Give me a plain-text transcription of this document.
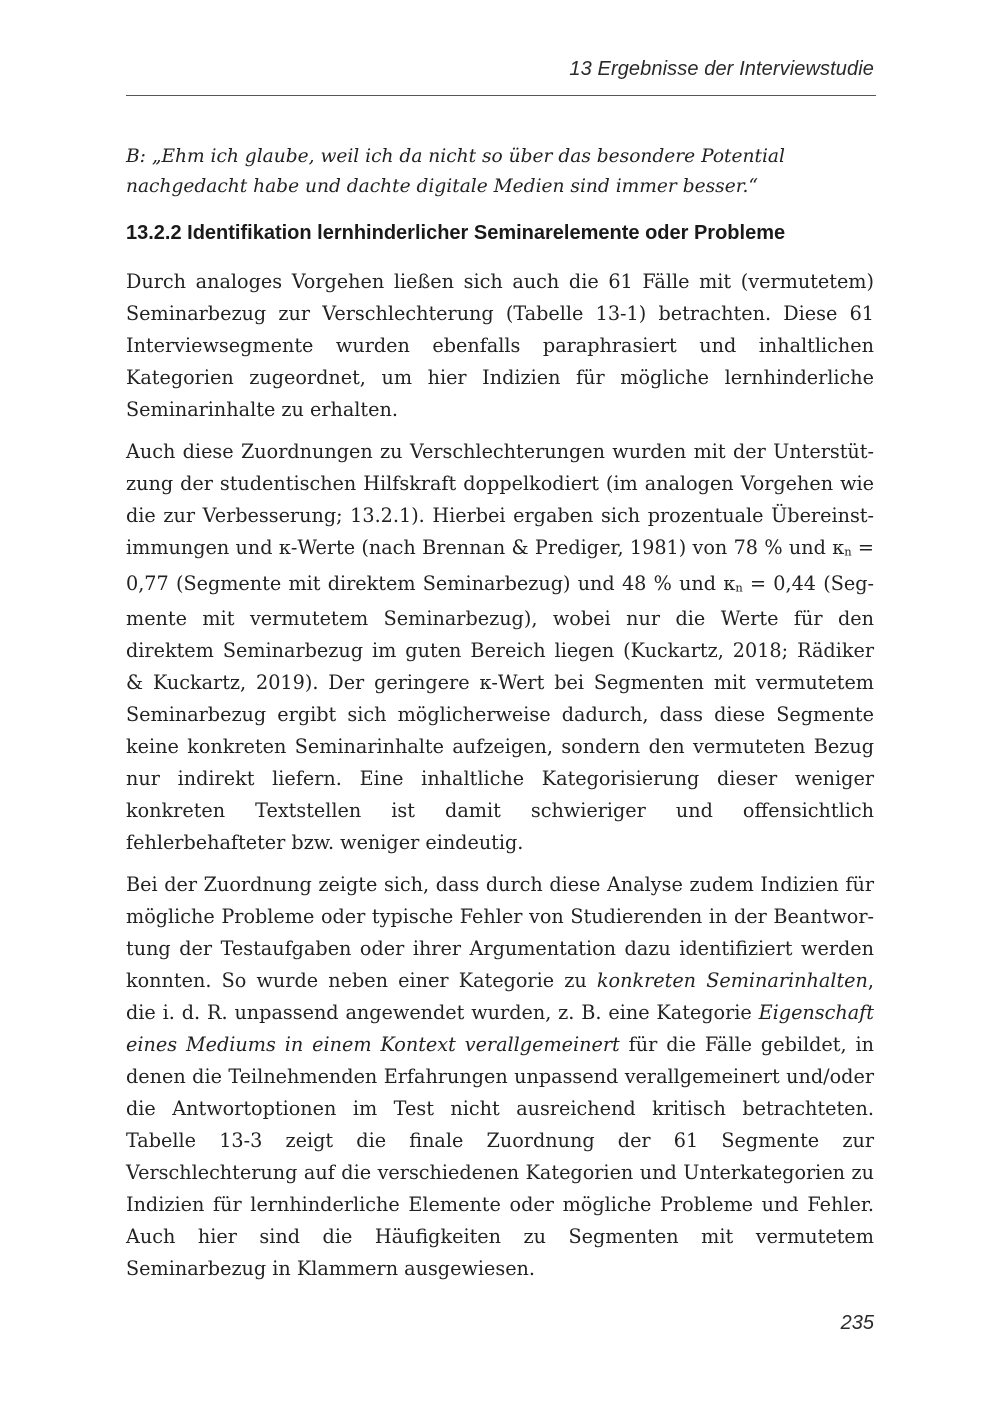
13 Ergebnisse der Interviewstudie

B: „Ehm ich glaube, weil ich da nicht so über das besondere Potential nachgedacht habe und dachte digitale Medien sind immer besser.“

13.2.2 Identifikation lernhinderlicher Seminarelemente oder Probleme

Durch analoges Vorgehen ließen sich auch die 61 Fälle mit (vermutetem) Seminarbezug zur Verschlechterung (Tabelle 13-1) betrachten. Diese 61 Interviewsegmente wurden ebenfalls paraphrasiert und inhaltlichen Kategorien zugeordnet, um hier Indizien für mögliche lernhinderliche Seminarinhalte zu erhalten.

Auch diese Zuordnungen zu Verschlechterungen wurden mit der Unterstützung der studentischen Hilfskraft doppelkodiert (im analogen Vorgehen wie die zur Verbesserung; 13.2.1). Hierbei ergaben sich prozentuale Übereinstimmungen und κ-Werte (nach Brennan & Prediger, 1981) von 78 % und κn = 0,77 (Segmente mit direktem Seminarbezug) und 48 % und κn = 0,44 (Segmente mit vermutetem Seminarbezug), wobei nur die Werte für den direktem Seminarbezug im guten Bereich liegen (Kuckartz, 2018; Rädiker & Kuckartz, 2019). Der geringere κ-Wert bei Segmenten mit vermutetem Seminarbezug ergibt sich möglicherweise dadurch, dass diese Segmente keine konkreten Seminarinhalte aufzeigen, sondern den vermuteten Bezug nur indirekt liefern. Eine inhaltliche Kategorisierung dieser weniger konkreten Textstellen ist damit schwieriger und offensichtlich fehlerbehafteter bzw. weniger eindeutig.

Bei der Zuordnung zeigte sich, dass durch diese Analyse zudem Indizien für mögliche Probleme oder typische Fehler von Studierenden in der Beantwortung der Testaufgaben oder ihrer Argumentation dazu identifiziert werden konnten. So wurde neben einer Kategorie zu konkreten Seminarinhalten, die i. d. R. unpassend angewendet wurden, z. B. eine Kategorie Eigenschaft eines Mediums in einem Kontext verallgemeinert für die Fälle gebildet, in denen die Teilnehmenden Erfahrungen unpassend verallgemeinert und/oder die Antwortoptionen im Test nicht ausreichend kritisch betrachteten. Tabelle 13-3 zeigt die finale Zuordnung der 61 Segmente zur Verschlechterung auf die verschiedenen Kategorien und Unterkategorien zu Indizien für lernhinderliche Elemente oder mögliche Probleme und Fehler. Auch hier sind die Häufigkeiten zu Segmenten mit vermutetem Seminarbezug in Klammern ausgewiesen.

235
